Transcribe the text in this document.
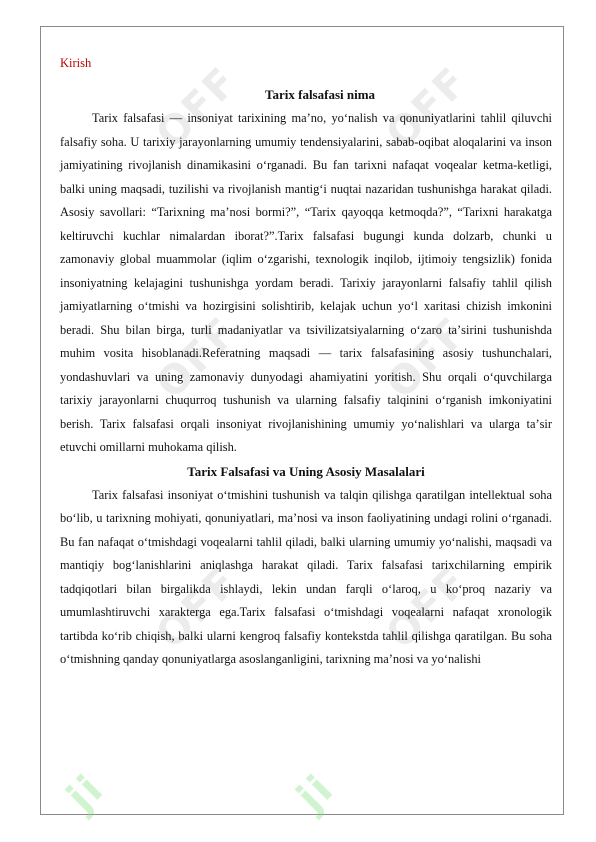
OFF	OFF
OFF	OFF
OFF	OFF
ji	ji
Kirish
Tarix falsafasi nima

Tarix falsafasi — insoniyat tarixining maʼno, yoʻnalish va qonuniyatlarini tahlil qiluvchi falsafiy soha. U tarixiy jarayonlarning umumiy tendensiyalarini, sabab-oqibat aloqalarini va inson jamiyatining rivojlanish dinamikasini oʻrganadi. Bu fan tarixni nafaqat voqealar ketma-ketligi, balki uning maqsadi, tuzilishi va rivojlanish mantigʻi nuqtai nazaridan tushunishga harakat qiladi. Asosiy savollari: “Tarixning maʼnosi bormi?”, “Tarix qayoqqa ketmoqda?”, “Tarixni harakatga keltiruvchi kuchlar nimalardan iborat?”.Tarix falsafasi bugungi kunda dolzarb, chunki u zamonaviy global muammolar (iqlim oʻzgarishi, texnologik inqilob, ijtimoiy tengsizlik) fonida insoniyatning kelajagini tushunishga yordam beradi. Tarixiy jarayonlarni falsafiy tahlil qilish jamiyatlarning oʻtmishi va hozirgisini solishtirib, kelajak uchun yoʻl xaritasi chizish imkonini beradi. Shu bilan birga, turli madaniyatlar va tsivilizatsiyalarning oʻzaro taʼsirini tushunishda muhim vosita hisoblanadi.Referatning maqsadi — tarix falsafasining asosiy tushunchalari, yondashuvlari va uning zamonaviy dunyodagi ahamiyatini yoritish. Shu orqali oʻquvchilarga tarixiy jarayonlarni chuqurroq tushunish va ularning falsafiy talqinini oʻrganish imkoniyatini berish. Tarix falsafasi orqali insoniyat rivojlanishining umumiy yoʻnalishlari va ularga taʼsir etuvchi omillarni muhokama qilish.

Tarix Falsafasi va Uning Asosiy Masalalari

Tarix falsafasi insoniyat oʻtmishini tushunish va talqin qilishga qaratilgan intellektual soha boʻlib, u tarixning mohiyati, qonuniyatlari, maʼnosi va inson faoliyatining undagi rolini oʻrganadi. Bu fan nafaqat oʻtmishdagi voqealarni tahlil qiladi, balki ularning umumiy yoʻnalishi, maqsadi va mantiqiy bogʻlanishlarini aniqlashga harakat qiladi. Tarix falsafasi tarixchilarning empirik tadqiqotlari bilan birgalikda ishlaydi, lekin undan farqli oʻlaroq, u koʻproq nazariy va umumlashtiruvchi xarakterga ega.Tarix falsafasi oʻtmishdagi voqealarni nafaqat xronologik tartibda koʻrib chiqish, balki ularni kengroq falsafiy kontekstda tahlil qilishga qaratilgan. Bu soha oʻtmishning qanday qonuniyatlarga asoslanganligini, tarixning maʼnosi va yoʻnalishi
